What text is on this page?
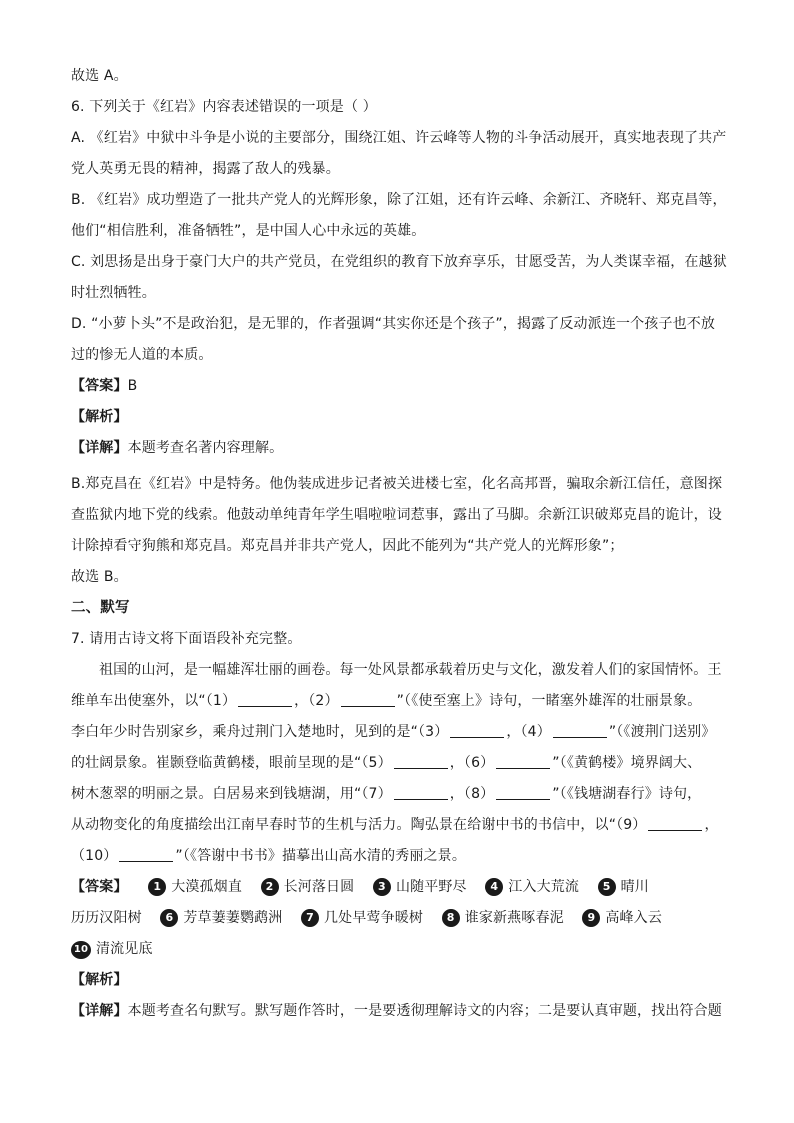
故选 A。
6. 下列关于《红岩》内容表述错误的一项是（ ）
A. 《红岩》中狱中斗争是小说的主要部分，围绕江姐、许云峰等人物的斗争活动展开，真实地表现了共产
党人英勇无畏的精神，揭露了敌人的残暴。
B. 《红岩》成功塑造了一批共产党人的光辉形象，除了江姐，还有许云峰、余新江、齐晓轩、郑克昌等，
他们“相信胜利，准备牺牲”，是中国人心中永远的英雄。
C. 刘思扬是出身于豪门大户的共产党员，在党组织的教育下放弃享乐，甘愿受苦，为人类谋幸福，在越狱
时壮烈牺牲。
D. “小萝卜头”不是政治犯，是无罪的，作者强调“其实你还是个孩子”，揭露了反动派连一个孩子也不放
过的惨无人道的本质。
【答案】B
【解析】
【详解】本题考查名著内容理解。
B.郑克昌在《红岩》中是特务。他伪装成进步记者被关进楼七室，化名高邦晋，骗取余新江信任，意图探
查监狱内地下党的线索。他鼓动单纯青年学生唱啦啦词惹事，露出了马脚。余新江识破郑克昌的诡计，设
计除掉看守狗熊和郑克昌。郑克昌并非共产党人，因此不能列为“共产党人的光辉形象”；
故选 B。
二、默写
7. 请用古诗文将下面语段补充完整。
祖国的山河，是一幅雄浑壮丽的画卷。每一处风景都承载着历史与文化，激发着人们的家国情怀。王
维单车出使塞外，以“（1）	，（2）	”（《使至塞上》诗句，一睹塞外雄浑的壮丽景象。
李白年少时告别家乡，乘舟过荆门入楚地时，见到的是“（3）	，（4）	”（《渡荆门送别》
的壮阔景象。崔颢登临黄鹤楼，眼前呈现的是“（5）	，（6）	”（《黄鹤楼》境界阔大、
树木葱翠的明丽之景。白居易来到钱塘湖，用“（7）	，（8）	”（《钱塘湖春行》诗句，
从动物变化的角度描绘出江南早春时节的生机与活力。陶弘景在给谢中书的书信中，以“（9）	，
（10）	”（《答谢中书书》描摹出山高水清的秀丽之景。
【答案】 1 大漠孤烟直 2 长河落日圆 3 山随平野尽 4 江入大荒流 5 晴川
历历汉阳树 6 芳草萋萋鹦鹉洲 7 几处早莺争暖树 8 谁家新燕啄春泥 9 高峰入云
10 清流见底
【解析】
【详解】本题考查名句默写。默写题作答时，一是要透彻理解诗文的内容；二是要认真审题，找出符合题
